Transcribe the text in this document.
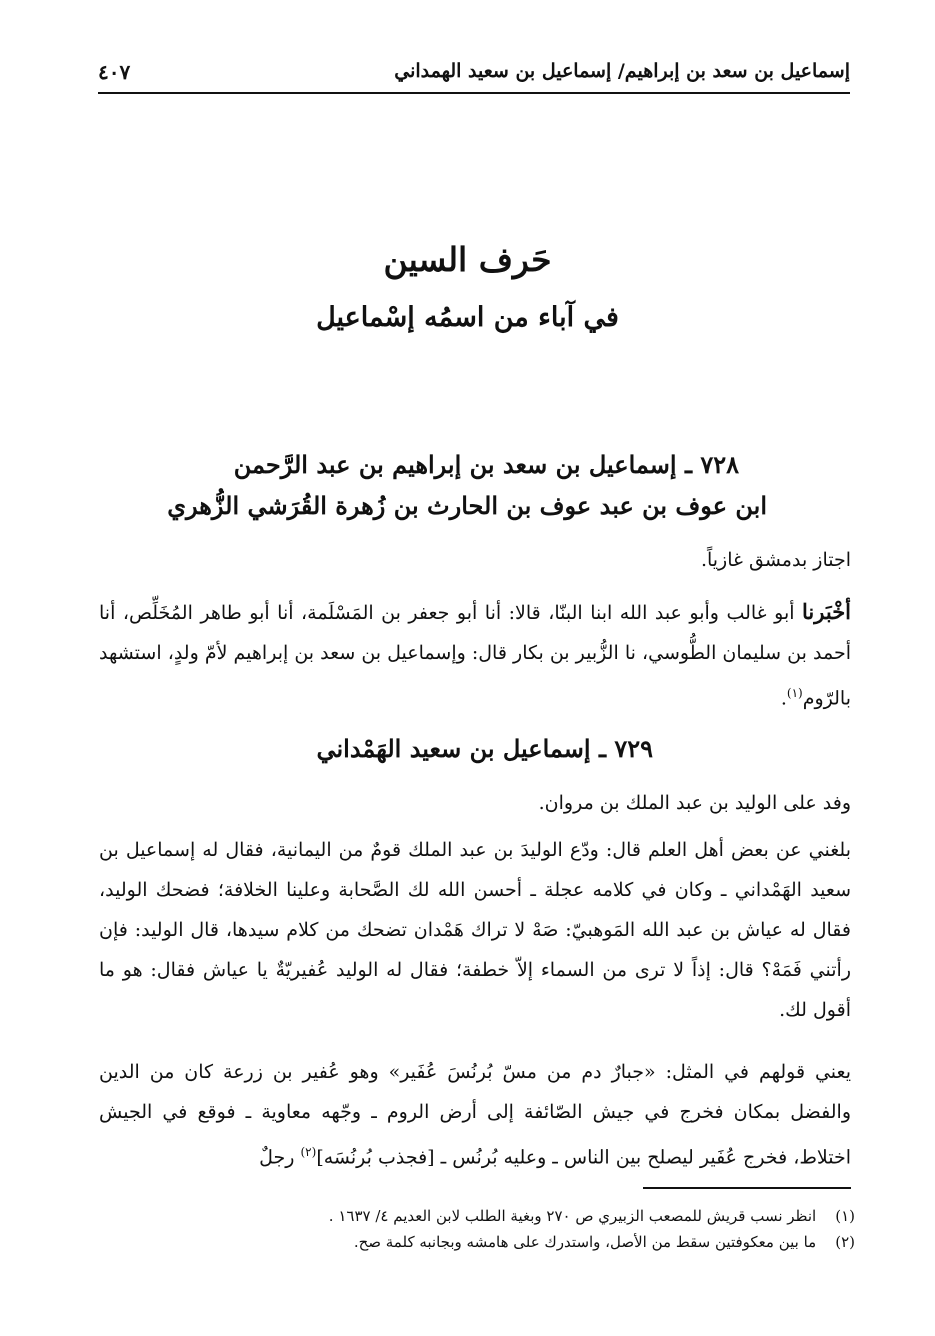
إسماعيل بن سعد بن إبراهيم/ إسماعيل بن سعيد الهمداني
٤٠٧
حَرف السين
في آباء من اسمُه إسْماعيل
٧٢٨ ـ إسماعيل بن سعد بن إبراهيم بن عبد الرَّحمن
ابن عوف بن عبد عوف بن الحارث بن زُهرة القُرَشي الزُّهري
اجتاز بدمشق غازياً.
أخْبَرنا أبو غالب وأبو عبد الله ابنا البنّا، قالا: أنا أبو جعفر بن المَسْلَمة، أنا أبو طاهر المُخَلِّص، أنا أحمد بن سليمان الطُّوسي، نا الزُّبير بن بكار قال: وإسماعيل بن سعد بن إبراهيم لأمّ ولدٍ، استشهد بالرّوم$^{(١)}$.
٧٢٩ ـ إسماعيل بن سعيد الهَمْداني
وفد على الوليد بن عبد الملك بن مروان.
بلغني عن بعض أهل العلم قال: ودّع الوليدَ بن عبد الملك قومٌ من اليمانية، فقال له إسماعيل بن سعيد الهَمْداني ـ وكان في كلامه عجلة ـ أحسن الله لك الصَّحابة وعلينا الخلافة؛ فضحك الوليد، فقال له عياش بن عبد الله المَوهبيّ: صَهْ لا تراك هَمْدان تضحك من كلام سيدها، قال الوليد: فإن رأتني فَمَهْ؟ قال: إذاً لا ترى من السماء إلاّ خطفة؛ فقال له الوليد عُفيريّةٌ يا عياش فقال: هو ما أقول لك.
يعني قولهم في المثل: «جبارٌ دم من مسّ بُرنُسَ عُفَير» وهو عُفير بن زرعة كان من الدين والفضل بمكان فخرج في جيش الصّائفة إلى أرض الروم ـ وجّهه معاوية ـ فوقع في الجيش اختلاط، فخرج عُفَير ليصلح بين الناس ـ وعليه بُرنُس ـ [فجذب بُرنُسَه]$^{(٢)}$ رجلٌ
(١) انظر نسب قريش للمصعب الزبيري ص ٢٧٠ وبغية الطلب لابن العديم ٤/ ١٦٣٧ .
(٢) ما بين معكوفتين سقط من الأصل، واستدرك على هامشه وبجانبه كلمة صح.
